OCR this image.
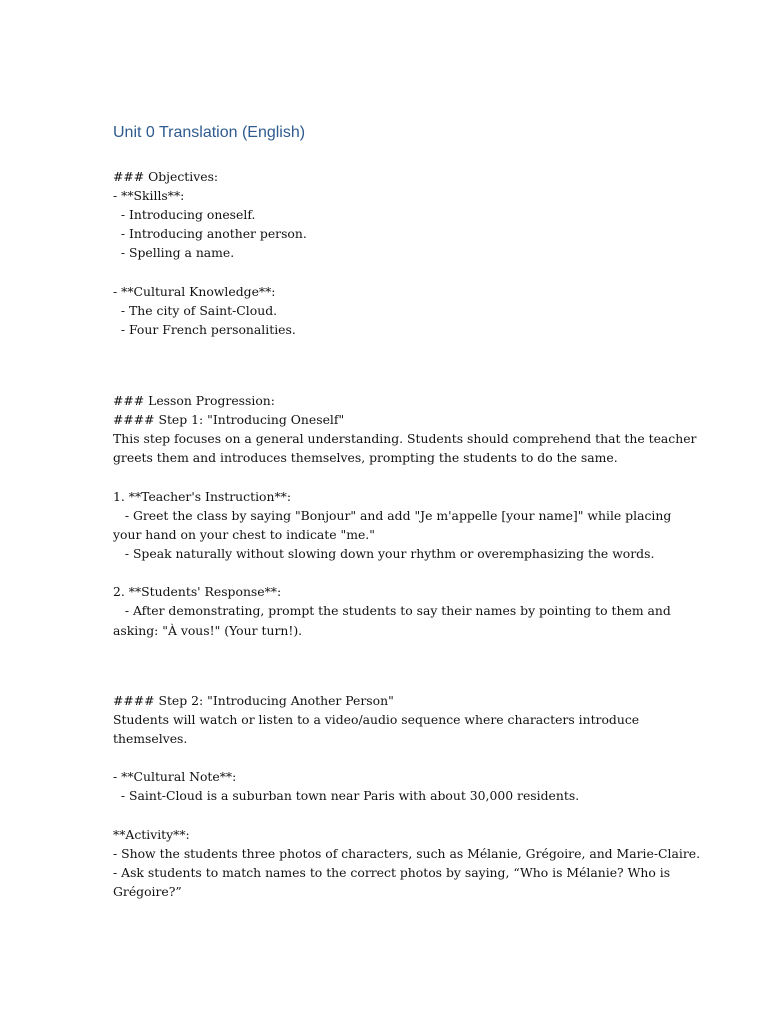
Unit 0 Translation (English)
### Objectives:
- **Skills**:
- Introducing oneself.
- Introducing another person.
- Spelling a name.
- **Cultural Knowledge**:
- The city of Saint-Cloud.
- Four French personalities.
### Lesson Progression:
#### Step 1: "Introducing Oneself"
This step focuses on a general understanding. Students should comprehend that the teacher
greets them and introduces themselves, prompting the students to do the same.
1. **Teacher's Instruction**:
- Greet the class by saying "Bonjour" and add "Je m'appelle [your name]" while placing
your hand on your chest to indicate "me."
- Speak naturally without slowing down your rhythm or overemphasizing the words.
2. **Students' Response**:
- After demonstrating, prompt the students to say their names by pointing to them and
asking: "À vous!" (Your turn!).
#### Step 2: "Introducing Another Person"
Students will watch or listen to a video/audio sequence where characters introduce
themselves.
- **Cultural Note**:
- Saint-Cloud is a suburban town near Paris with about 30,000 residents.
**Activity**:
- Show the students three photos of characters, such as Mélanie, Grégoire, and Marie-Claire.
- Ask students to match names to the correct photos by saying, “Who is Mélanie? Who is
Grégoire?”
